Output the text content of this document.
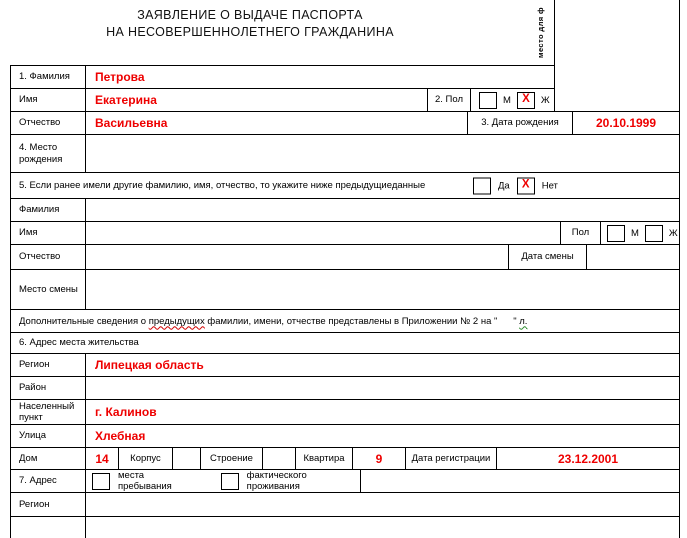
ЗАЯВЛЕНИЕ О ВЫДАЧЕ ПАСПОРТА
НА НЕСОВЕРШЕННОЛЕТНЕГО ГРАЖДАНИНА	место для ф
1. Фамилия	Петрова
Имя	Екатерина	2. Пол	М X Ж
Отчество	Васильевна	3. Дата рождения	20.10.1999
4. Место рождения
5. Если ранее имели другие фамилию, имя, отчество, то укажите ниже предыдущиеданные	Да X Нет
Фамилия
Имя	Пол	М	Ж
Отчество	Дата смены
Место смены
Дополнительные сведения о предыдущих фамилии, имени, отчестве представлены в Приложении № 2 на "      " л.
6. Адрес места жительства
Регион	Липецкая область
Район
Населенный пункт	г. Калинов
Улица	Хлебная
Дом	14	Корпус	Строение	Квартира	9	Дата регистрации	23.12.2001
7. Адрес	места пребывания
фактического проживания
Регион
